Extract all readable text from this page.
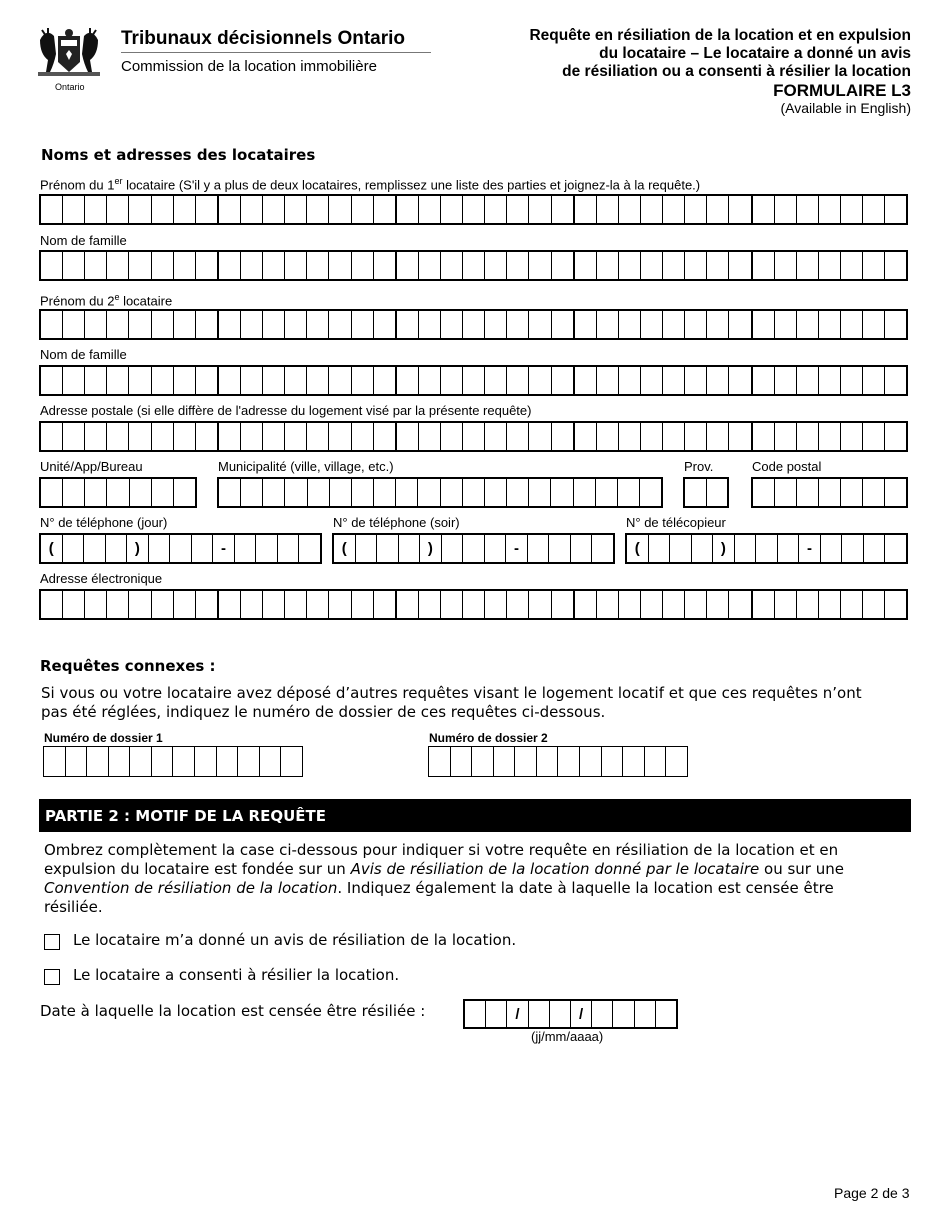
Ontario
Tribunaux décisionnels Ontario
Commission de la location immobilière
Requête en résiliation de la location et en expulsion
du locataire – Le locataire a donné un avis
de résiliation ou a consenti à résilier la location
FORMULAIRE L3
(Available in English)
Noms et adresses des locataires
Prénom du 1er locataire (S'il y a plus de deux locataires, remplissez une liste des parties et joignez-la à la requête.)
Nom de famille
Prénom du 2e locataire
Nom de famille
Adresse postale (si elle diffère de l'adresse du logement visé par la présente requête)
Unité/App/Bureau	Municipalité (ville, village, etc.)	Prov.	Code postal
N° de téléphone (jour)	N° de téléphone (soir)	N° de télécopieur
(	)	-	(	)	-	(	)	-
Adresse électronique
Requêtes connexes :
Si vous ou votre locataire avez déposé d’autres requêtes visant le logement locatif et que ces requêtes n’ont pas été réglées, indiquez le numéro de dossier de ces requêtes ci-dessous.
Numéro de dossier 1	Numéro de dossier 2
PARTIE 2 : MOTIF DE LA REQUÊTE
Ombrez complètement la case ci-dessous pour indiquer si votre requête en résiliation de la location et en expulsion du locataire est fondée sur un Avis de résiliation de la location donné par le locataire ou sur une Convention de résiliation de la location. Indiquez également la date à laquelle la location est censée être résiliée.
Le locataire m’a donné un avis de résiliation de la location.
Le locataire a consenti à résilier la location.
Date à laquelle la location est censée être résiliée :	/	/
(jj/mm/aaaa)
Page 2 de 3
